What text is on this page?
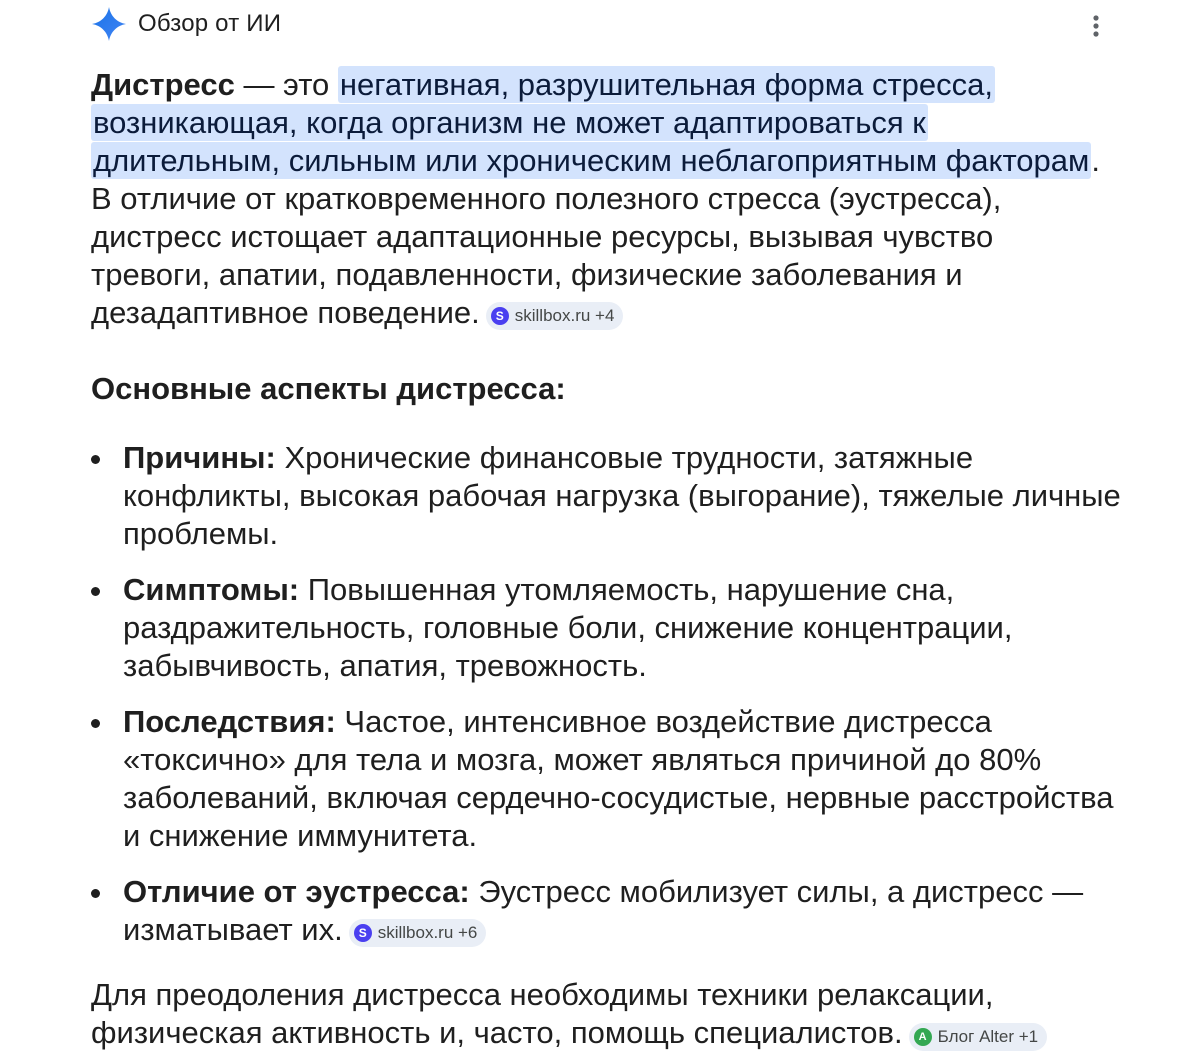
Обзор от ИИ

Дистресс — это негативная, разрушительная форма стресса, возникающая, когда организм не может адаптироваться к длительным, сильным или хроническим неблагоприятным факторам. В отличие от кратковременного полезного стресса (эустресса), дистресс истощает адаптационные ресурсы, вызывая чувство тревоги, апатии, подавленности, физические заболевания и дезадаптивное поведение.	S skillbox.ru +4

Основные аспекты дистресса:
Причины: Хронические финансовые трудности, затяжные конфликты, высокая рабочая нагрузка (выгорание), тяжелые личные проблемы.
Симптомы: Повышенная утомляемость, нарушение сна, раздражительность, головные боли, снижение концентрации, забывчивость, апатия, тревожность.
Последствия: Частое, интенсивное воздействие дистресса «токсично» для тела и мозга, может являться причиной до 80% заболеваний, включая сердечно-сосудистые, нервные расстройства и снижение иммунитета.
Отличие от эустресса: Эустресс мобилизует силы, а дистресс — изматывает их.	S skillbox.ru +6

Для преодоления дистресса необходимы техники релаксации, физическая активность и, часто, помощь специалистов.	A Блог Alter +1
